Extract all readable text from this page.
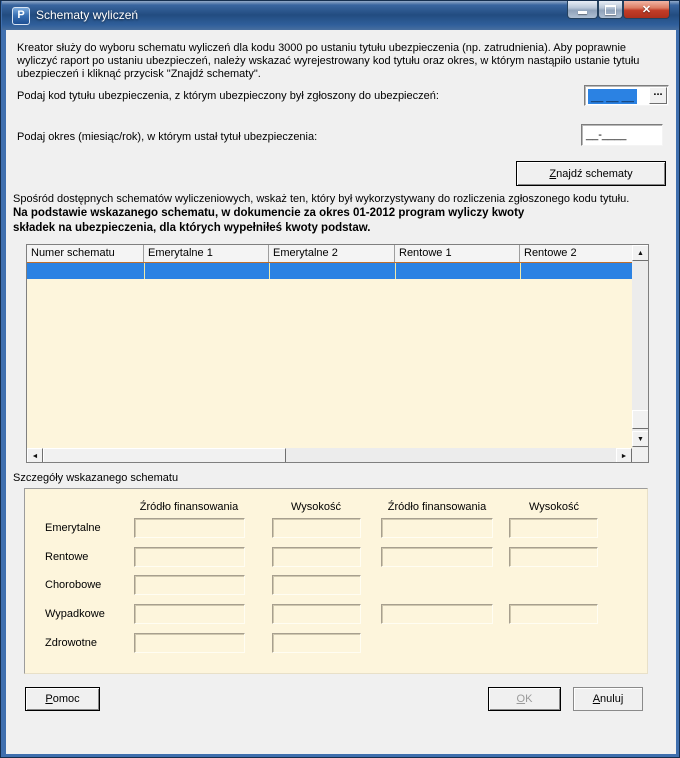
P Schematy wyliczeń	✕
Kreator służy do wyboru schematu wyliczeń dla kodu 3000 po ustaniu tytułu ubezpieczenia (np. zatrudnienia). Aby poprawnie wyliczyć raport po ustaniu ubezpieczeń, należy wskazać wyrejestrowany kod tytułu oraz okres, w którym nastąpiło ustanie tytułu ubezpieczeń i kliknąć przycisk "Znajdź schematy".
Podaj kod tytułu ubezpieczenia, z którym ubezpieczony był zgłoszony do ubezpieczeń:	__ __ __	...
Podaj okres (miesiąc/rok), w którym ustał tytuł ubezpieczenia:	__-____
Znajdź schematy
Spośród dostępnych schematów wyliczeniowych, wskaż ten, który był wykorzystywany do rozliczenia zgłoszonego kodu tytułu.
Na podstawie wskazanego schematu, w dokumencie za okres 01-2012 program wyliczy kwoty
składek na ubezpieczenia, dla których wypełniłeś kwoty podstaw.
Numer schematu	Emerytalne 1	Emerytalne 2	Rentowe 1	Rentowe 2	▲
▼
◄	►
Szczegóły wskazanego schematu
Źródło finansowania	Wysokość	Źródło finansowania	Wysokość
Emerytalne
Rentowe
Chorobowe
Wypadkowe
Zdrowotne
Pomoc	OK	Anuluj
